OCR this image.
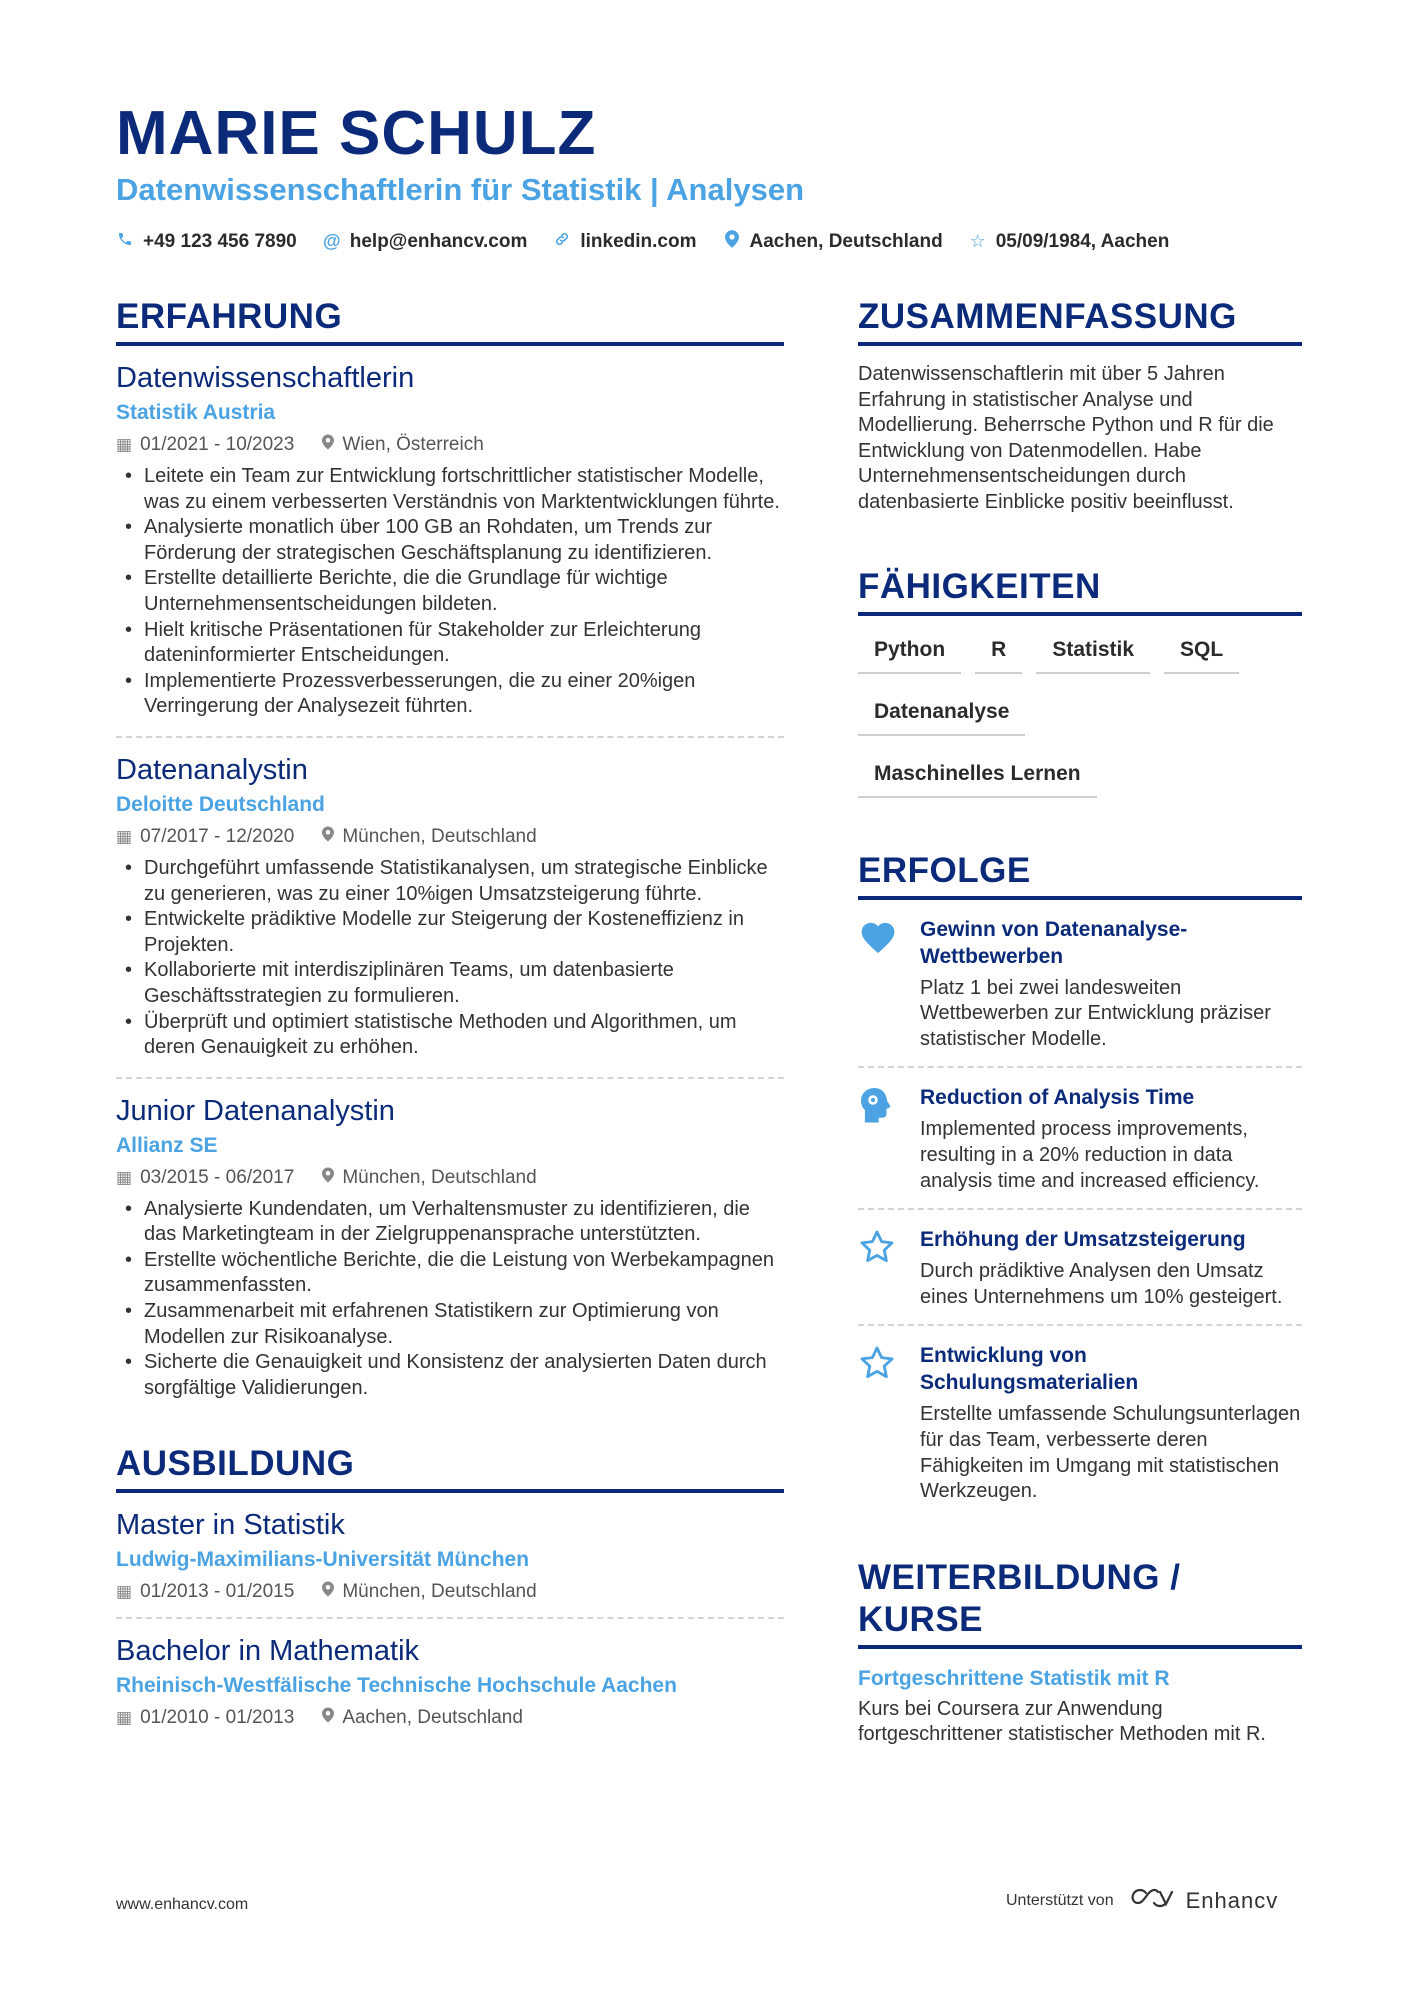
MARIE SCHULZ
Datenwissenschaftlerin für Statistik | Analysen
+49 123 456 7890 @ help@enhancv.com	linkedin.com	Aachen, Deutschland ☆ 05/09/1984, Aachen
ERFAHRUNG
Datenwissenschaftlerin
Statistik Austria
▦ 01/2021 - 10/2023	Wien, Österreich
• Leitete ein Team zur Entwicklung fortschrittlicher statistischer Modelle, was zu einem verbesserten Verständnis von Marktentwicklungen führte.
• Analysierte monatlich über 100 GB an Rohdaten, um Trends zur Förderung der strategischen Geschäftsplanung zu identifizieren.
• Erstellte detaillierte Berichte, die die Grundlage für wichtige Unternehmensentscheidungen bildeten.
• Hielt kritische Präsentationen für Stakeholder zur Erleichterung dateninformierter Entscheidungen.
• Implementierte Prozessverbesserungen, die zu einer 20%igen Verringerung der Analysezeit führten.
Datenanalystin
Deloitte Deutschland
▦ 07/2017 - 12/2020	München, Deutschland
• Durchgeführt umfassende Statistikanalysen, um strategische Einblicke zu generieren, was zu einer 10%igen Umsatzsteigerung führte.
• Entwickelte prädiktive Modelle zur Steigerung der Kosteneffizienz in Projekten.
• Kollaborierte mit interdisziplinären Teams, um datenbasierte Geschäftsstrategien zu formulieren.
• Überprüft und optimiert statistische Methoden und Algorithmen, um deren Genauigkeit zu erhöhen.
Junior Datenanalystin
Allianz SE
▦ 03/2015 - 06/2017	München, Deutschland
• Analysierte Kundendaten, um Verhaltensmuster zu identifizieren, die das Marketingteam in der Zielgruppenansprache unterstützten.
• Erstellte wöchentliche Berichte, die die Leistung von Werbekampagnen zusammenfassten.
• Zusammenarbeit mit erfahrenen Statistikern zur Optimierung von Modellen zur Risikoanalyse.
• Sicherte die Genauigkeit und Konsistenz der analysierten Daten durch sorgfältige Validierungen.
AUSBILDUNG
Master in Statistik
Ludwig-Maximilians-Universität München
▦ 01/2013 - 01/2015	München, Deutschland
Bachelor in Mathematik
Rheinisch-Westfälische Technische Hochschule Aachen
▦ 01/2010 - 01/2013	Aachen, Deutschland
ZUSAMMENFASSUNG
Datenwissenschaftlerin mit über 5 Jahren Erfahrung in statistischer Analyse und Modellierung. Beherrsche Python und R für die Entwicklung von Datenmodellen. Habe Unternehmensentscheidungen durch datenbasierte Einblicke positiv beeinflusst.
FÄHIGKEITEN
Python	R	Statistik	SQL
Datenanalyse
Maschinelles Lernen
ERFOLGE
Gewinn von Datenanalyse-Wettbewerben
Platz 1 bei zwei landesweiten Wettbewerben zur Entwicklung präziser statistischer Modelle.
Reduction of Analysis Time
Implemented process improvements, resulting in a 20% reduction in data analysis time and increased efficiency.
Erhöhung der Umsatzsteigerung
Durch prädiktive Analysen den Umsatz eines Unternehmens um 10% gesteigert.
Entwicklung von Schulungsmaterialien
Erstellte umfassende Schulungsunterlagen für das Team, verbesserte deren Fähigkeiten im Umgang mit statistischen Werkzeugen.
WEITERBILDUNG / KURSE
Fortgeschrittene Statistik mit R
Kurs bei Coursera zur Anwendung fortgeschrittener statistischer Methoden mit R.
www.enhancv.com	Unterstützt von	Enhancv
